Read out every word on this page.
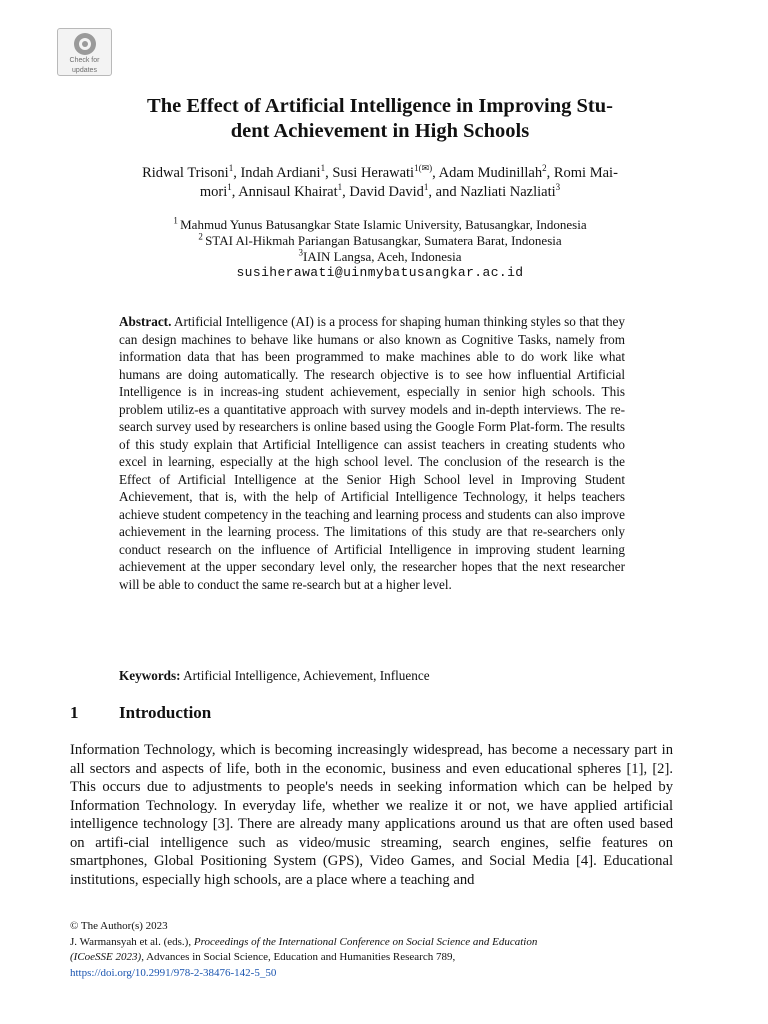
Check for
updates
The Effect of Artificial Intelligence in Improving Stu-
dent Achievement in High Schools
Ridwal Trisoni$^1$, Indah Ardiani$^1$, Susi Herawati$^{1(✉)}$, Adam Mudinillah$^2$, Romi Mai-
mori$^1$, Annisaul Khairat$^1$, David David$^1$, and Nazliati Nazliati$^3$
$^1$ Mahmud Yunus Batusangkar State Islamic University, Batusangkar, Indonesia
$^2$ STAI Al-Hikmah Pariangan Batusangkar, Sumatera Barat, Indonesia
$^3$IAIN Langsa, Aceh, Indonesia
susiherawati@uinmybatusangkar.ac.id

Abstract. Artificial Intelligence (AI) is a process for shaping human thinking styles so that they can design machines to behave like humans or also known as Cognitive Tasks, namely from information data that has been programmed to make machines able to do work like what humans are doing automatically. The research objective is to see how influential Artificial Intelligence is in increas-ing student achievement, especially in senior high schools. This problem utiliz-es a quantitative approach with survey models and in-depth interviews. The re-search survey used by researchers is online based using the Google Form Plat-form. The results of this study explain that Artificial Intelligence can assist teachers in creating students who excel in learning, especially at the high school level. The conclusion of the research is the Effect of Artificial Intelligence at the Senior High School level in Improving Student Achievement, that is, with the help of Artificial Intelligence Technology, it helps teachers achieve student competency in the teaching and learning process and students can also improve achievement in the learning process. The limitations of this study are that re-searchers only conduct research on the influence of Artificial Intelligence in improving student learning achievement at the upper secondary level only, the researcher hopes that the next researcher will be able to conduct the same re-search but at a higher level.

Keywords: Artificial Intelligence, Achievement, Influence

1 Introduction

Information Technology, which is becoming increasingly widespread, has become a necessary part in all sectors and aspects of life, both in the economic, business and even educational spheres [1], [2]. This occurs due to adjustments to people's needs in seeking information which can be helped by Information Technology. In everyday life, whether we realize it or not, we have applied artificial intelligence technology [3]. There are already many applications around us that are often used based on artifi-cial intelligence such as video/music streaming, search engines, selfie features on smartphones, Global Positioning System (GPS), Video Games, and Social Media [4]. Educational institutions, especially high schools, are a place where a teaching and

© The Author(s) 2023
J. Warmansyah et al. (eds.), Proceedings of the International Conference on Social Science and Education
(ICoeSSE 2023), Advances in Social Science, Education and Humanities Research 789,
https://doi.org/10.2991/978-2-38476-142-5_50
